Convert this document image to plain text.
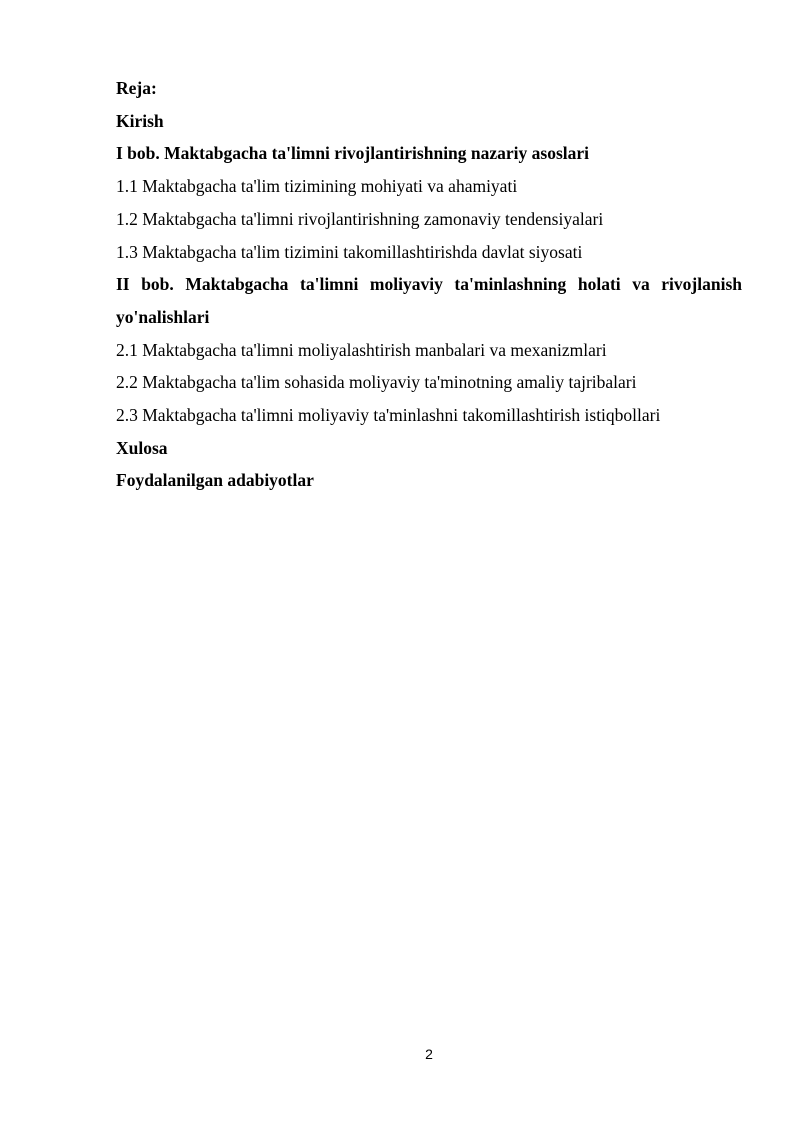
Reja:
Kirish
I bob. Maktabgacha ta'limni rivojlantirishning nazariy asoslari
1.1 Maktabgacha ta'lim tizimining mohiyati va ahamiyati
1.2 Maktabgacha ta'limni rivojlantirishning zamonaviy tendensiyalari
1.3 Maktabgacha ta'lim tizimini takomillashtirishda davlat siyosati
II bob. Maktabgacha ta'limni moliyaviy ta'minlashning holati va rivojlanish yo'nalishlari
2.1 Maktabgacha ta'limni moliyalashtirish manbalari va mexanizmlari
2.2 Maktabgacha ta'lim sohasida moliyaviy ta'minotning amaliy tajribalari
2.3 Maktabgacha ta'limni moliyaviy ta'minlashni takomillashtirish istiqbollari
Xulosa
Foydalanilgan adabiyotlar
2
